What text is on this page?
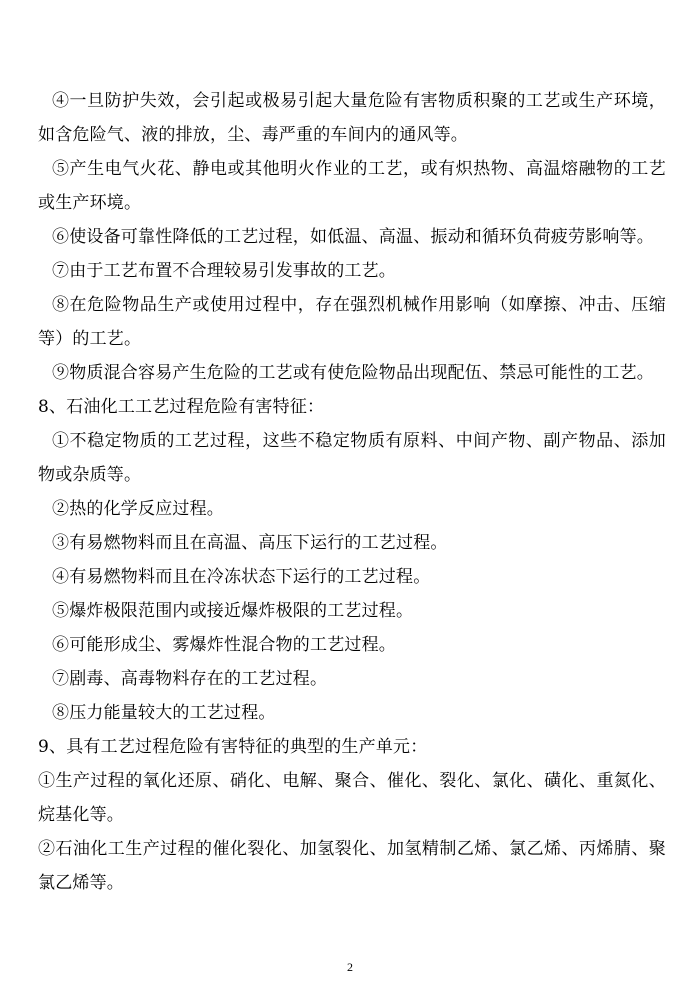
④一旦防护失效，会引起或极易引起大量危险有害物质积聚的工艺或生产环境，如含危险气、液的排放，尘、毒严重的车间内的通风等。

⑤产生电气火花、静电或其他明火作业的工艺，或有炽热物、高温熔融物的工艺或生产环境。

⑥使设备可靠性降低的工艺过程，如低温、高温、振动和循环负荷疲劳影响等。

⑦由于工艺布置不合理较易引发事故的工艺。

⑧在危险物品生产或使用过程中，存在强烈机械作用影响（如摩擦、冲击、压缩等）的工艺。

⑨物质混合容易产生危险的工艺或有使危险物品出现配伍、禁忌可能性的工艺。

8、石油化工工艺过程危险有害特征：

①不稳定物质的工艺过程，这些不稳定物质有原料、中间产物、副产物品、添加物或杂质等。

②热的化学反应过程。

③有易燃物料而且在高温、高压下运行的工艺过程。

④有易燃物料而且在冷冻状态下运行的工艺过程。

⑤爆炸极限范围内或接近爆炸极限的工艺过程。

⑥可能形成尘、雾爆炸性混合物的工艺过程。

⑦剧毒、高毒物料存在的工艺过程。

⑧压力能量较大的工艺过程。

9、具有工艺过程危险有害特征的典型的生产单元：

①生产过程的氧化还原、硝化、电解、聚合、催化、裂化、氯化、磺化、重氮化、烷基化等。

②石油化工生产过程的催化裂化、加氢裂化、加氢精制乙烯、氯乙烯、丙烯腈、聚氯乙烯等。

2
